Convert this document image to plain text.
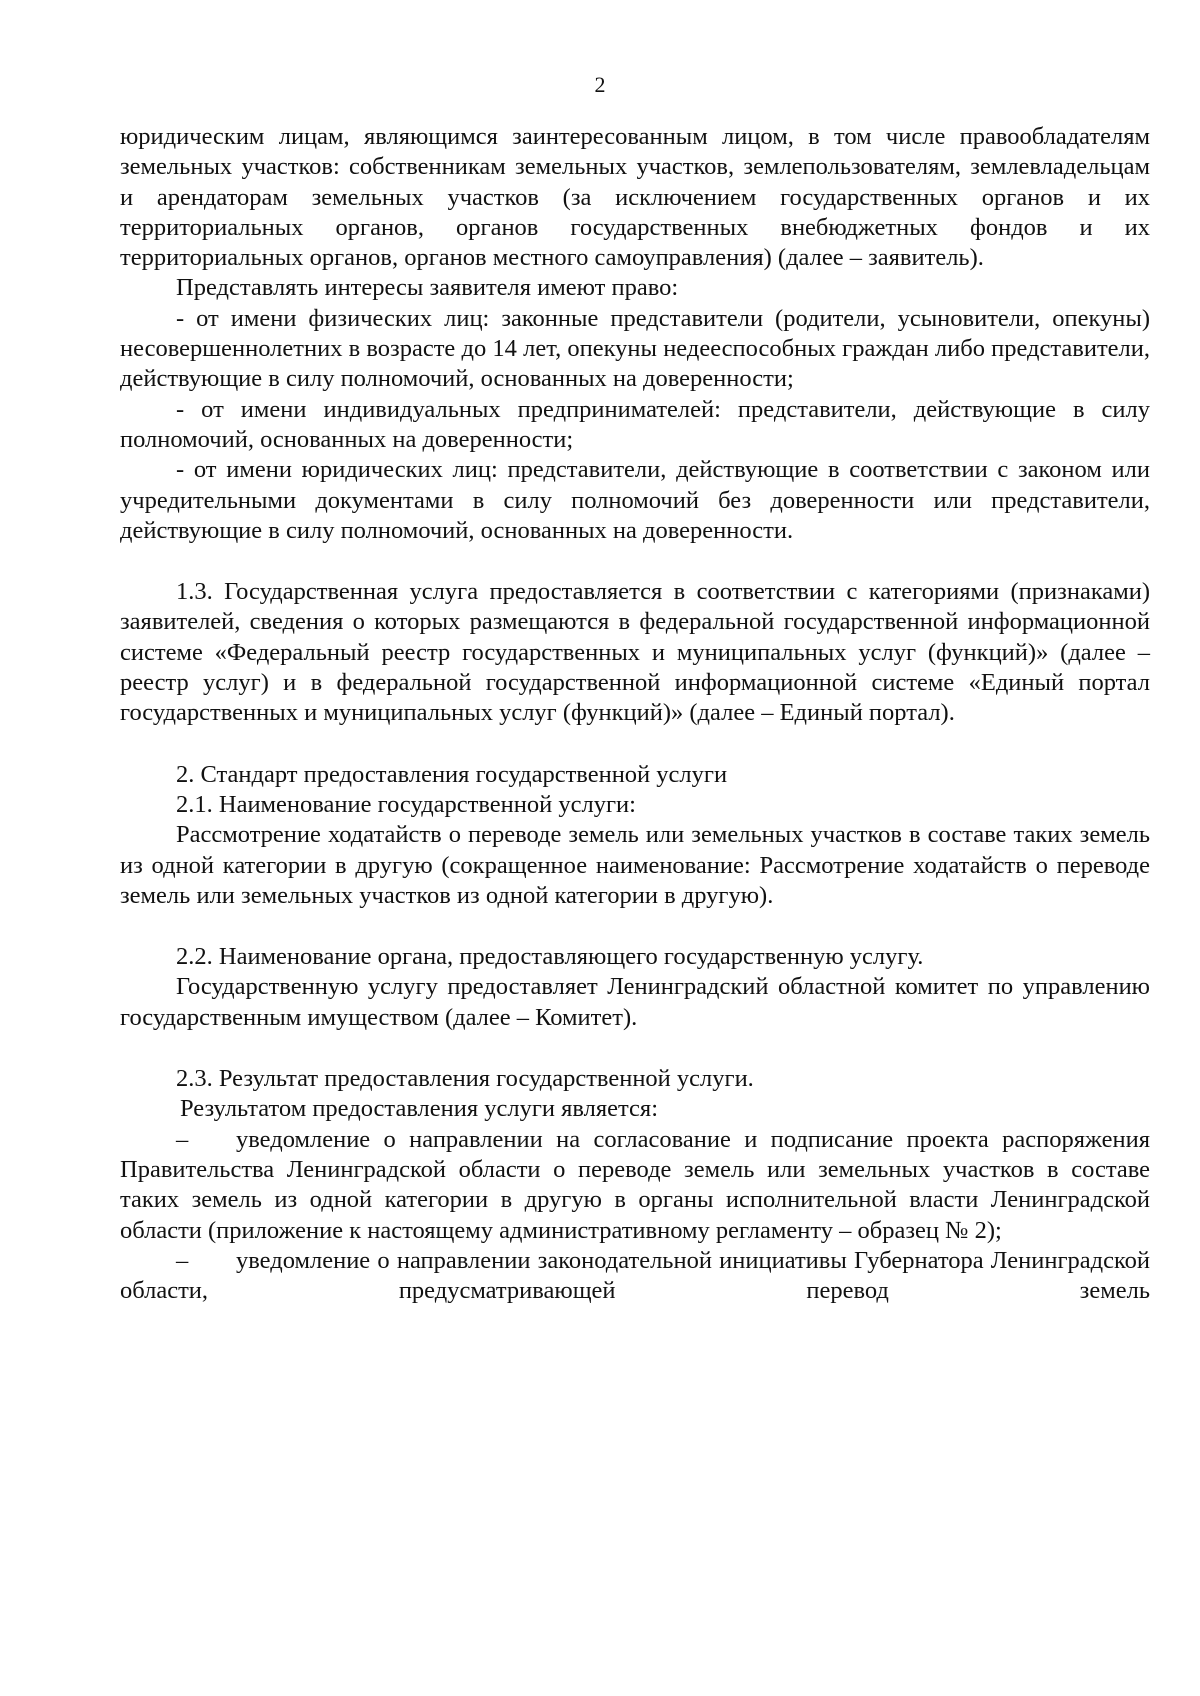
2

юридическим лицам, являющимся заинтересованным лицом, в том числе правообладателям земельных участков: собственникам земельных участков, землепользователям, землевладельцам и арендаторам земельных участков (за исключением государственных органов и их территориальных органов, органов государственных внебюджетных фондов и их территориальных органов, органов местного самоуправления) (далее – заявитель).

Представлять интересы заявителя имеют право:

- от имени физических лиц: законные представители (родители, усыновители, опекуны) несовершеннолетних в возрасте до 14 лет, опекуны недееспособных граждан либо представители, действующие в силу полномочий, основанных на доверенности;

- от имени индивидуальных предпринимателей: представители, действующие в силу полномочий, основанных на доверенности;

- от имени юридических лиц: представители, действующие в соответствии с законом или учредительными документами в силу полномочий без доверенности или представители, действующие в силу полномочий, основанных на доверенности.

1.3. Государственная услуга предоставляется в соответствии с категориями (признаками) заявителей, сведения о которых размещаются в федеральной государственной информационной системе «Федеральный реестр государственных и муниципальных услуг (функций)» (далее – реестр услуг) и в федеральной государственной информационной системе «Единый портал государственных и муниципальных услуг (функций)» (далее – Единый портал).

2. Стандарт предоставления государственной услуги

2.1. Наименование государственной услуги:

Рассмотрение ходатайств о переводе земель или земельных участков в составе таких земель из одной категории в другую (сокращенное наименование: Рассмотрение ходатайств о переводе земель или земельных участков из одной категории в другую).

2.2. Наименование органа, предоставляющего государственную услугу.

Государственную услугу предоставляет Ленинградский областной комитет по управлению государственным имуществом (далее – Комитет).

2.3. Результат предоставления государственной услуги.

Результатом предоставления услуги является:

– уведомление о направлении на согласование и подписание проекта распоряжения Правительства Ленинградской области о переводе земель или земельных участков в составе таких земель из одной категории в другую в органы исполнительной власти Ленинградской области (приложение к настоящему административному регламенту – образец № 2);

– уведомление о направлении законодательной инициативы Губернатора Ленинградской области, предусматривающей перевод земель
